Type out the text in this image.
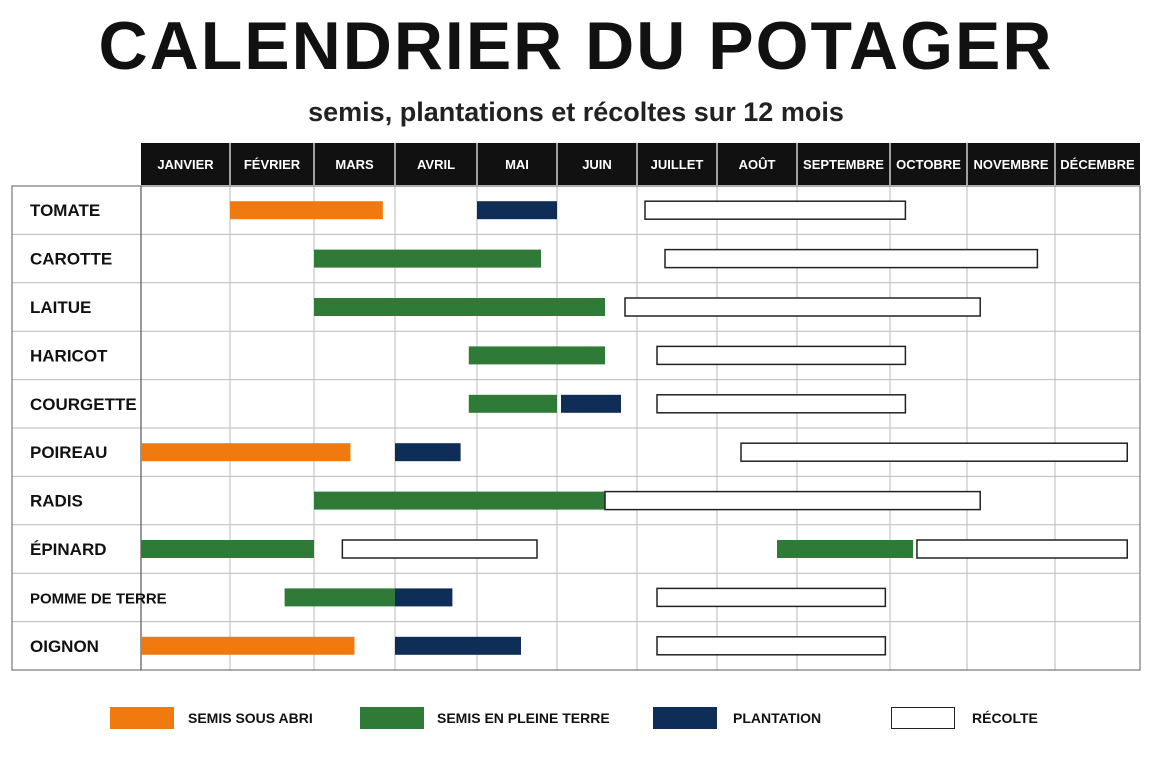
CALENDRIER DU POTAGER
semis, plantations et récoltes sur 12 mois
JANVIER FÉVRIER	MARS	AVRIL	MAI	JUIN	JUILLET	AOÛT SEPTEMBRE OCTOBRE NOVEMBRE DÉCEMBRE
TOMATE
CAROTTE
LAITUE
HARICOT
COURGETTE
POIREAU
RADIS
ÉPINARD
POMME DE TERRE
OIGNON
SEMIS SOUS ABRI	SEMIS EN PLEINE TERRE	PLANTATION	RÉCOLTE
